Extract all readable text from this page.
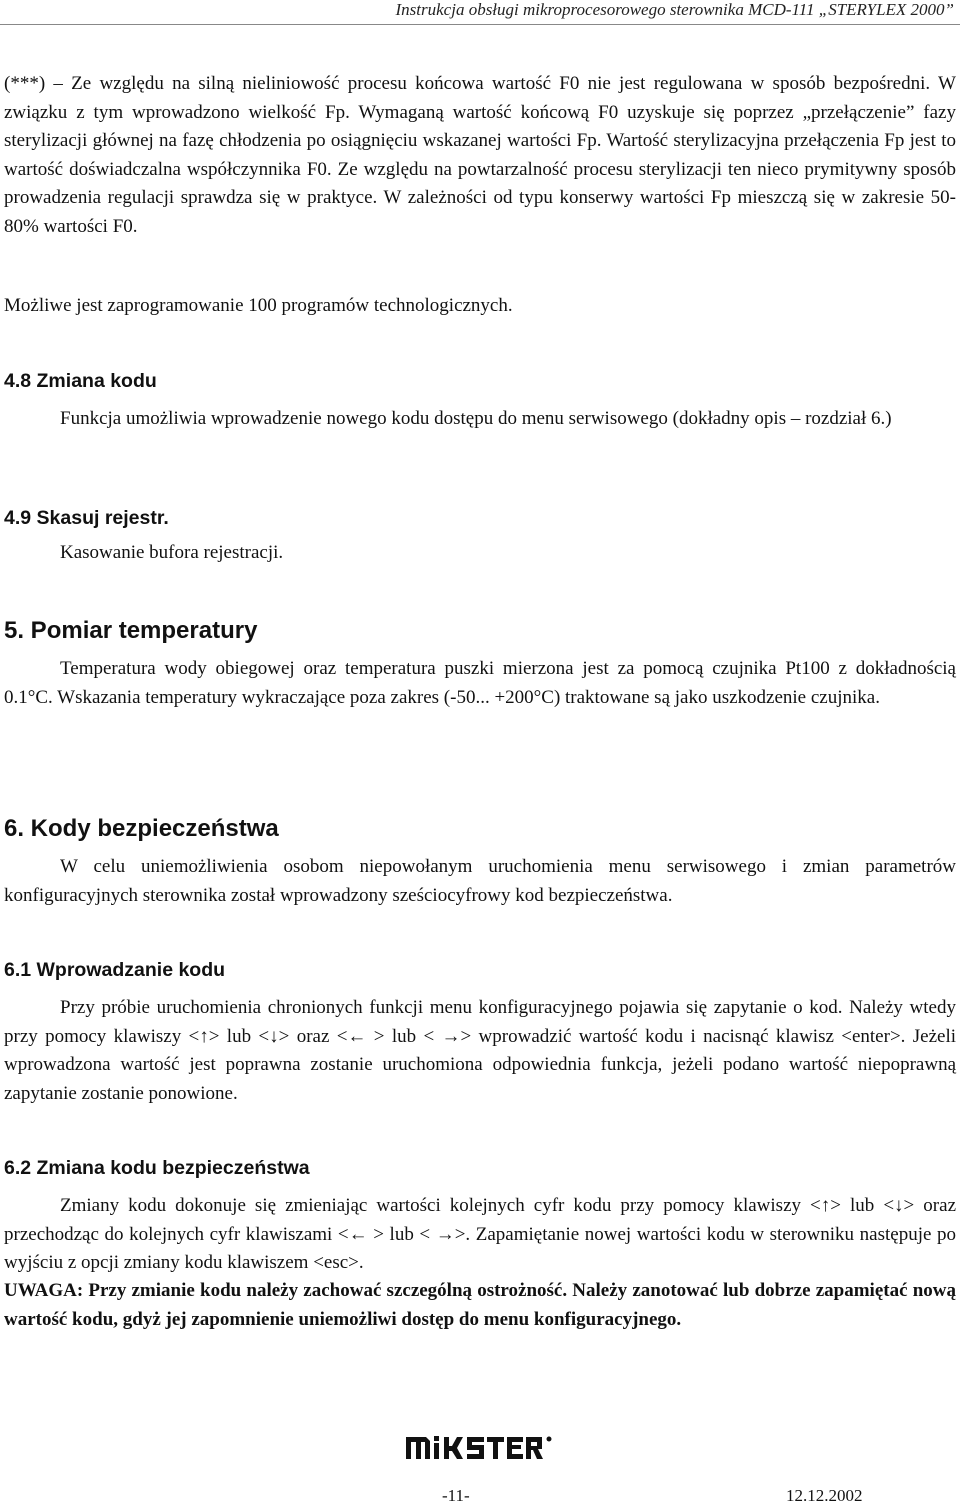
Instrukcja obsługi mikroprocesorowego sterownika MCD-111 „STERYLEX 2000”

(***) – Ze względu na silną nieliniowość procesu końcowa wartość F0 nie jest regulowana w sposób bezpośredni. W związku z tym wprowadzono wielkość Fp. Wymaganą wartość końcową F0 uzyskuje się poprzez „przełączenie” fazy sterylizacji głównej na fazę chłodzenia po osiągnięciu wskazanej wartości Fp. Wartość sterylizacyjna przełączenia Fp jest to wartość doświadczalna współczynnika F0. Ze względu na powtarzalność procesu sterylizacji ten nieco prymitywny sposób prowadzenia regulacji sprawdza się w praktyce. W zależności od typu konserwy wartości Fp mieszczą się w zakresie 50-80% wartości F0.

Możliwe jest zaprogramowanie 100 programów technologicznych.

4.8 Zmiana kodu

Funkcja umożliwia wprowadzenie nowego kodu dostępu do menu serwisowego (dokładny opis – rozdział 6.)

4.9 Skasuj rejestr.

Kasowanie bufora rejestracji.

5. Pomiar temperatury

Temperatura wody obiegowej oraz temperatura puszki mierzona jest za pomocą czujnika Pt100 z dokładnością 0.1°C. Wskazania temperatury wykraczające poza zakres (-50... +200°C) traktowane są jako uszkodzenie czujnika.

6. Kody bezpieczeństwa

W celu uniemożliwienia osobom niepowołanym uruchomienia menu serwisowego i zmian parametrów konfiguracyjnych sterownika został wprowadzony sześciocyfrowy kod bezpieczeństwa.

6.1 Wprowadzanie kodu

Przy próbie uruchomienia chronionych funkcji menu konfiguracyjnego pojawia się zapytanie o kod. Należy wtedy przy pomocy klawiszy <↑> lub <↓> oraz <← > lub < →> wprowadzić wartość kodu i nacisnąć klawisz <enter>. Jeżeli wprowadzona wartość jest poprawna zostanie uruchomiona odpowiednia funkcja, jeżeli podano wartość niepoprawną zapytanie zostanie ponowione.

6.2 Zmiana kodu bezpieczeństwa

Zmiany kodu dokonuje się zmieniając wartości kolejnych cyfr kodu przy pomocy klawiszy <↑> lub <↓> oraz przechodząc do kolejnych cyfr klawiszami <← > lub < →>. Zapamiętanie nowej wartości kodu w sterowniku następuje po wyjściu z opcji zmiany kodu klawiszem <esc>.

UWAGA: Przy zmianie kodu należy zachować szczególną ostrożność. Należy zanotować lub dobrze zapamiętać nową wartość kodu, gdyż jej zapomnienie uniemożliwi dostęp do menu konfiguracyjnego.

-11-	12.12.2002
